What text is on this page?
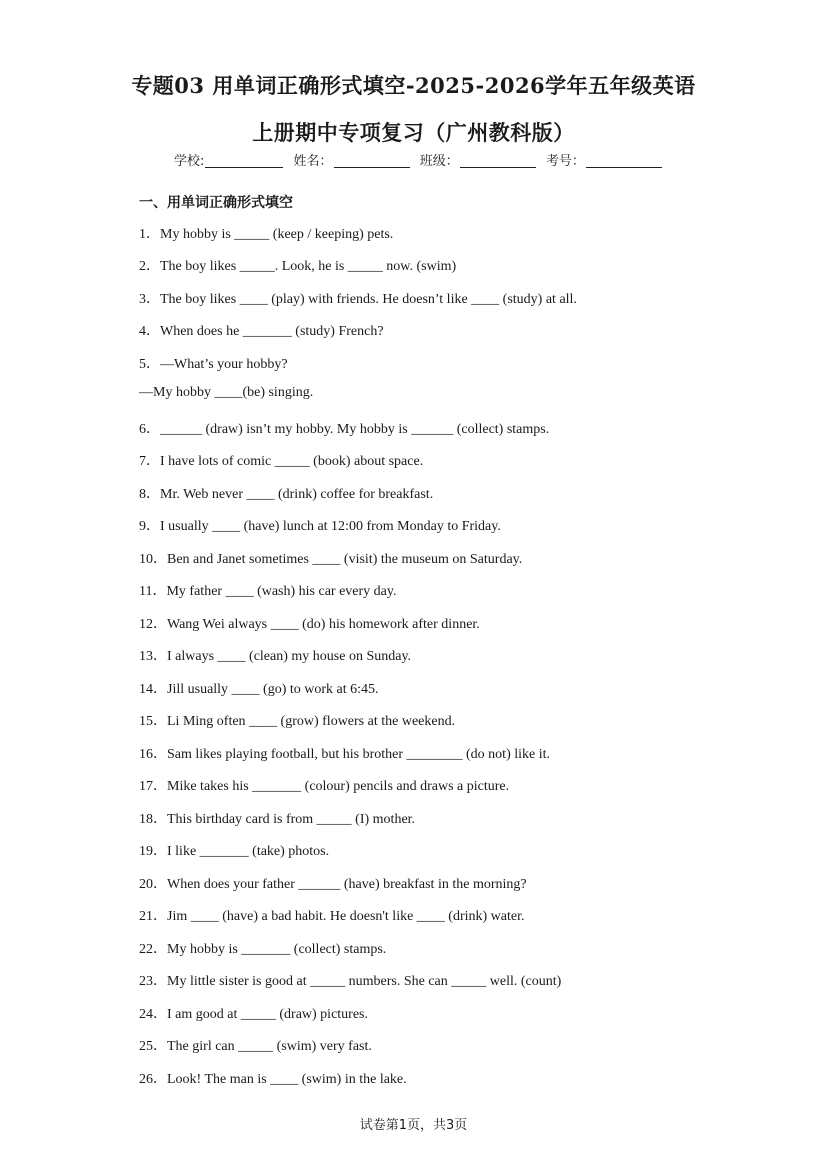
专题03 用单词正确形式填空-2025-2026学年五年级英语
上册期中专项复习（广州教科版）
学校:	姓名：	班级：	考号：
一、用单词正确形式填空
1．My hobby is _____ (keep / keeping) pets.
2．The boy likes _____. Look, he is _____ now. (swim)
3．The boy likes ____ (play) with friends. He doesn’t like ____ (study) at all.
4．When does he _______ (study) French?
5．—What’s your hobby?
—My hobby ____(be) singing.
6．______ (draw) isn’t my hobby. My hobby is ______ (collect) stamps.
7．I have lots of comic _____ (book) about space.
8．Mr. Web never ____ (drink) coffee for breakfast.
9．I usually ____ (have) lunch at 12:00 from Monday to Friday.
10．Ben and Janet sometimes ____ (visit) the museum on Saturday.
11．My father ____ (wash) his car every day.
12．Wang Wei always ____ (do) his homework after dinner.
13．I always ____ (clean) my house on Sunday.
14．Jill usually ____ (go) to work at 6:45.
15．Li Ming often ____ (grow) flowers at the weekend.
16．Sam likes playing football, but his brother ________ (do not) like it.
17．Mike takes his _______ (colour) pencils and draws a picture.
18．This birthday card is from _____ (I) mother.
19．I like _______ (take) photos.
20．When does your father ______ (have) breakfast in the morning?
21．Jim ____ (have) a bad habit. He doesn't like ____ (drink) water.
22．My hobby is _______ (collect) stamps.
23．My little sister is good at _____ numbers. She can _____ well. (count)
24．I am good at _____ (draw) pictures.
25．The girl can _____ (swim) very fast.
26．Look! The man is ____ (swim) in the lake.
试卷第1页，共3页
